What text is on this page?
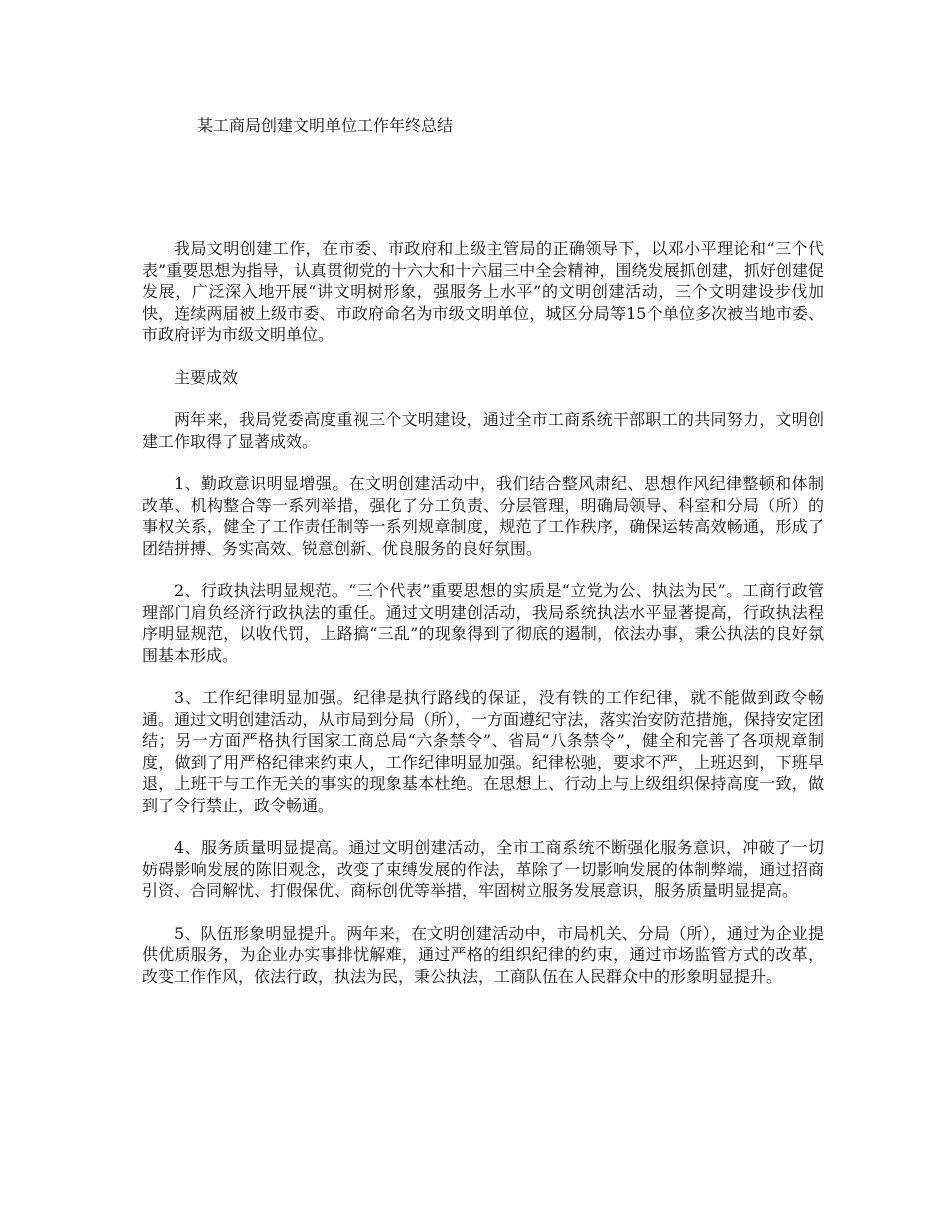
某工商局创建文明单位工作年终总结

我局文明创建工作，在市委、市政府和上级主管局的正确领导下，以邓小平理论和“三个代表”重要思想为指导，认真贯彻党的十六大和十六届三中全会精神，围绕发展抓创建，抓好创建促发展，广泛深入地开展“讲文明树形象，强服务上水平”的文明创建活动，三个文明建设步伐加快，连续两届被上级市委、市政府命名为市级文明单位，城区分局等15个单位多次被当地市委、市政府评为市级文明单位。

主要成效

两年来，我局党委高度重视三个文明建设，通过全市工商系统干部职工的共同努力，文明创建工作取得了显著成效。

1、勤政意识明显增强。在文明创建活动中，我们结合整风肃纪、思想作风纪律整顿和体制改革、机构整合等一系列举措，强化了分工负责、分层管理，明确局领导、科室和分局（所）的事权关系，健全了工作责任制等一系列规章制度，规范了工作秩序，确保运转高效畅通，形成了团结拼搏、务实高效、锐意创新、优良服务的良好氛围。

2、行政执法明显规范。“三个代表”重要思想的实质是“立党为公、执法为民”。工商行政管理部门肩负经济行政执法的重任。通过文明建创活动，我局系统执法水平显著提高，行政执法程序明显规范，以收代罚，上路搞“三乱”的现象得到了彻底的遏制，依法办事，秉公执法的良好氛围基本形成。

3、工作纪律明显加强。纪律是执行路线的保证，没有铁的工作纪律，就不能做到政令畅通。通过文明创建活动，从市局到分局（所），一方面遵纪守法，落实治安防范措施，保持安定团结；另一方面严格执行国家工商总局“六条禁令”、省局“八条禁令”，健全和完善了各项规章制度，做到了用严格纪律来约束人，工作纪律明显加强。纪律松驰，要求不严，上班迟到，下班早退，上班干与工作无关的事实的现象基本杜绝。在思想上、行动上与上级组织保持高度一致，做到了令行禁止，政令畅通。

4、服务质量明显提高。通过文明创建活动，全市工商系统不断强化服务意识，冲破了一切妨碍影响发展的陈旧观念，改变了束缚发展的作法，革除了一切影响发展的体制弊端，通过招商引资、合同解忧、打假保优、商标创优等举措，牢固树立服务发展意识，服务质量明显提高。

5、队伍形象明显提升。两年来，在文明创建活动中，市局机关、分局（所），通过为企业提供优质服务，为企业办实事排忧解难，通过严格的组织纪律的约束，通过市场监管方式的改革，改变工作作风，依法行政，执法为民，秉公执法，工商队伍在人民群众中的形象明显提升。
